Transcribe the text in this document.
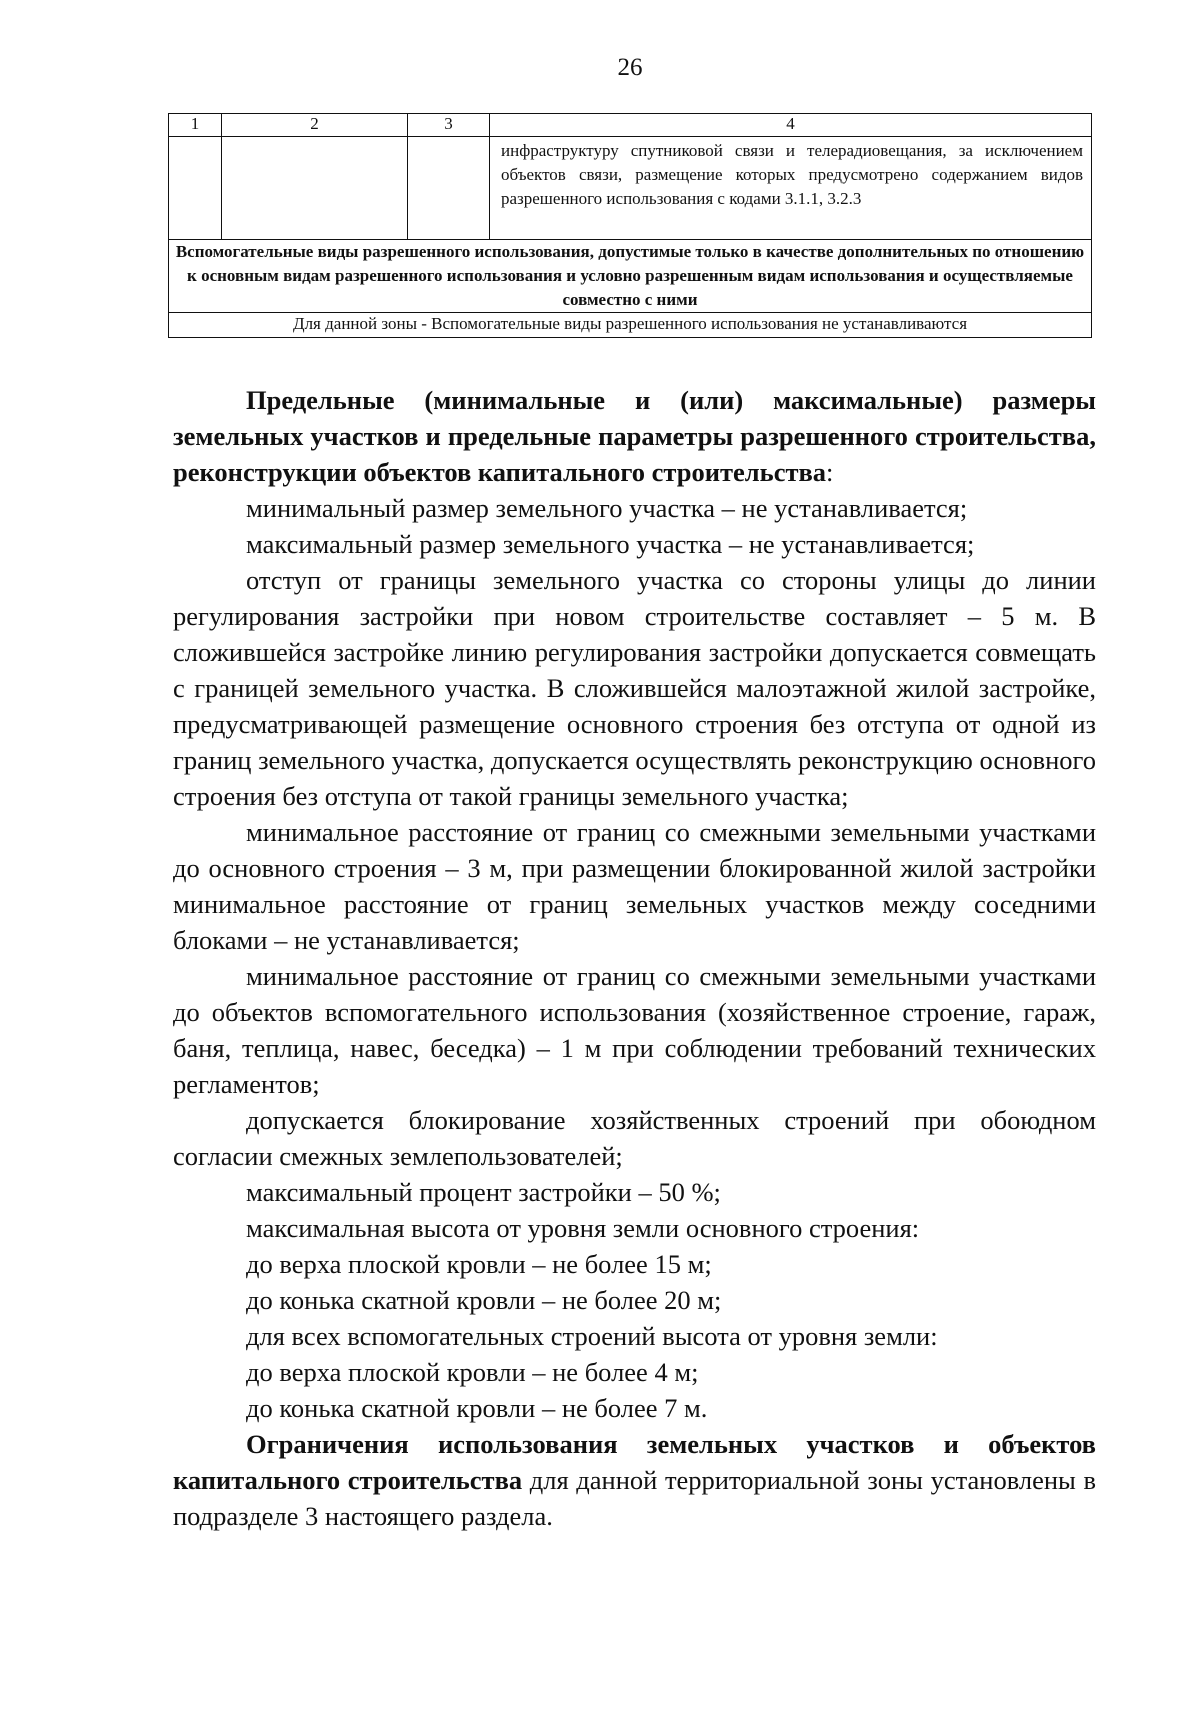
26
1	2	3	4
			инфраструктуру спутниковой связи и телерадиовещания, за исключением объектов связи, размещение которых предусмотрено содержанием видов разрешенного использования с кодами 3.1.1, 3.2.3
Вспомогательные виды разрешенного использования, допустимые только в качестве дополнительных по отношению к основным видам разрешенного использования и условно разрешенным видам использования и осуществляемые совместно с ними			
Для данной зоны - Вспомогательные виды разрешенного использования не устанавливаются			

Предельные (минимальные и (или) максимальные) размеры земельных участков и предельные параметры разрешенного строительства, реконструкции объектов капитального строительства:

минимальный размер земельного участка – не устанавливается;

максимальный размер земельного участка – не устанавливается;

отступ от границы земельного участка со стороны улицы до линии регулирования застройки при новом строительстве составляет – 5 м. В сложившейся застройке линию регулирования застройки допускается совмещать с границей земельного участка. В сложившейся малоэтажной жилой застройке, предусматривающей размещение основного строения без отступа от одной из границ земельного участка, допускается осуществлять реконструкцию основного строения без отступа от такой границы земельного участка;

минимальное расстояние от границ со смежными земельными участками до основного строения – 3 м, при размещении блокированной жилой застройки минимальное расстояние от границ земельных участков между соседними блоками – не устанавливается;

минимальное расстояние от границ со смежными земельными участками до объектов вспомогательного использования (хозяйственное строение, гараж, баня, теплица, навес, беседка) – 1 м при соблюдении требований технических регламентов;

допускается блокирование хозяйственных строений при обоюдном согласии смежных землепользователей;

максимальный процент застройки – 50 %;

максимальная высота от уровня земли основного строения:

до верха плоской кровли – не более 15 м;

до конька скатной кровли – не более 20 м;

для всех вспомогательных строений высота от уровня земли:

до верха плоской кровли – не более 4 м;

до конька скатной кровли – не более 7 м.

Ограничения использования земельных участков и объектов капитального строительства для данной территориальной зоны установлены в подразделе 3 настоящего раздела.
